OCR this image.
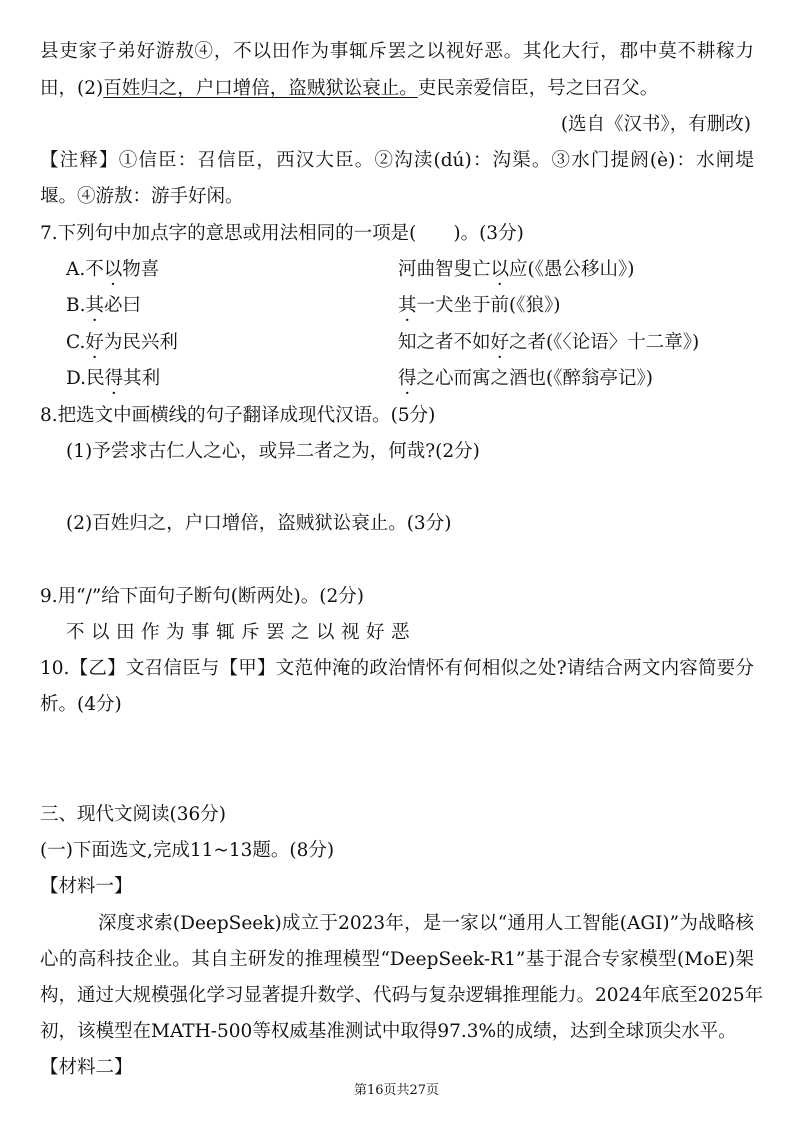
县吏家子弟好游敖④，不以田作为事辄斥罢之以视好恶。其化大行，郡中莫不耕稼力
田，(2)百姓归之，户口增倍，盗贼狱讼衰止。吏民亲爱信臣，号之曰召父。
(选自《汉书》，有删改)
【注释】①信臣：召信臣，西汉大臣。②沟渎(dú)：沟渠。③水门提阏(è)：水闸堤
堰。④游敖：游手好闲。
7.下列句中加点字的意思或用法相同的一项是(　　)。(3分)
A.不以物喜	河曲智叟亡以应(《愚公移山》)
B.其必曰	其一犬坐于前(《狼》)
C.好为民兴利	知之者不如好之者(《〈论语〉十二章》)
D.民得其利	得之心而寓之酒也(《醉翁亭记》)
8.把选文中画横线的句子翻译成现代汉语。(5分)
(1)予尝求古仁人之心，或异二者之为，何哉?(2分)
(2)百姓归之，户口增倍，盗贼狱讼衰止。(3分)
9.用“/”给下面句子断句(断两处)。(2分)
不以田作为事辄斥罢之以视好恶
10.【乙】文召信臣与【甲】文范仲淹的政治情怀有何相似之处?请结合两文内容简要分
析。(4分)
三、现代文阅读(36分)
(一)下面选文,完成11~13题。(8分)
【材料一】
深度求索(DeepSeek)成立于2023年，是一家以“通用人工智能(AGI)”为战略核
心的高科技企业。其自主研发的推理模型“DeepSeek-R1”基于混合专家模型(MoE)架
构，通过大规模强化学习显著提升数学、代码与复杂逻辑推理能力。2024年底至2025年
初，该模型在MATH-500等权威基准测试中取得97.3%的成绩，达到全球顶尖水平。
【材料二】
第16页共27页
